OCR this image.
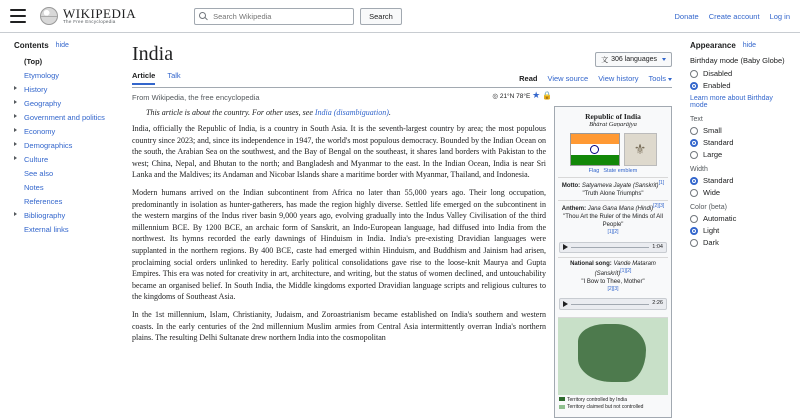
WIKIPEDIA
The Free Encyclopedia
Search Wikipedia
Search	Donate Create account Log in
Contents hide
(Top)
Etymology
History
Geography
Government and politics
Economy
Demographics
Culture
See also
Notes
References
Bibliography
External links
India	文 306 languages
Article Talk	Read View source View history Tools
From Wikipedia, the free encyclopedia	◎ 21°N 78°E ★ 🔒
Republic of India
Bhārat Gaṇarājya
⚜
Flag State emblem
Motto: Satyameva Jayate (Sanskrit)[1]
"Truth Alone Triumphs"
Anthem: Jana Gana Mana (Hindi)[2][3]
"Thou Art the Ruler of the Minds of All People"
[1][2]
1:04
National song: Vande Mataram (Sanskrit)[1][2]
"I Bow to Thee, Mother"
[2][3]
2:26
Territory controlled by India
Territory claimed but not controlled

This article is about the country. For other uses, see India (disambiguation).

India, officially the Republic of India, is a country in South Asia. It is the seventh-largest country by area; the most populous country since 2023; and, since its independence in 1947, the world's most populous democracy. Bounded by the Indian Ocean on the south, the Arabian Sea on the southwest, and the Bay of Bengal on the southeast, it shares land borders with Pakistan to the west; China, Nepal, and Bhutan to the north; and Bangladesh and Myanmar to the east. In the Indian Ocean, India is near Sri Lanka and the Maldives; its Andaman and Nicobar Islands share a maritime border with Myanmar, Thailand, and Indonesia.

Modern humans arrived on the Indian subcontinent from Africa no later than 55,000 years ago. Their long occupation, predominantly in isolation as hunter-gatherers, has made the region highly diverse. Settled life emerged on the subcontinent in the western margins of the Indus river basin 9,000 years ago, evolving gradually into the Indus Valley Civilisation of the third millennium BCE. By 1200 BCE, an archaic form of Sanskrit, an Indo-European language, had diffused into India from the northwest. Its hymns recorded the early dawnings of Hinduism in India. India's pre-existing Dravidian languages were supplanted in the northern regions. By 400 BCE, caste had emerged within Hinduism, and Buddhism and Jainism had arisen, proclaiming social orders unlinked to heredity. Early political consolidations gave rise to the loose-knit Maurya and Gupta Empires. This era was noted for creativity in art, architecture, and writing, but the status of women declined, and untouchability became an organised belief. In South India, the Middle kingdoms exported Dravidian language scripts and religious cultures to the kingdoms of Southeast Asia.

In the 1st millennium, Islam, Christianity, Judaism, and Zoroastrianism became established on India's southern and western coasts. In the early centuries of the 2nd millennium Muslim armies from Central Asia intermittently overran India's northern plains. The resulting Delhi Sultanate drew northern India into the cosmopolitan

Appearance hide
Birthday mode (Baby Globe)
Disabled
Enabled
Learn more about Birthday mode
Text
Small
Standard
Large
Width
Standard
Wide
Color (beta)
Automatic
Light
Dark
